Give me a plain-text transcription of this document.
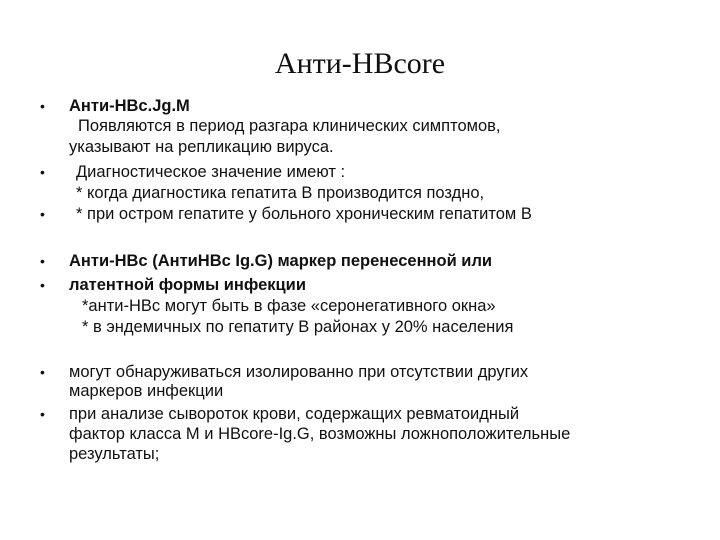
Анти-HBcore
•
•
•
•
•
•
•
Анти-HBc.Jg.M
Появляются в период разгара клинических симптомов,
указывают на репликацию вируса.
Диагностическое значение имеют :
* когда диагностика гепатита В производится поздно,
* при остром гепатите у больного хроническим гепатитом В
Анти-HBc (АнтиHBc Ig.G) маркер перенесенной или
латентной формы инфекции
*анти-HBc могут быть в фазе «серонегативного окна»
* в эндемичных по гепатиту В районах у 20% населения
могут обнаруживаться изолированно при отсутствии других
маркеров инфекции
при анализе сывороток крови, содержащих ревматоидный
фактор класса М и HBcore-Ig.G, возможны ложноположительные
результаты;
